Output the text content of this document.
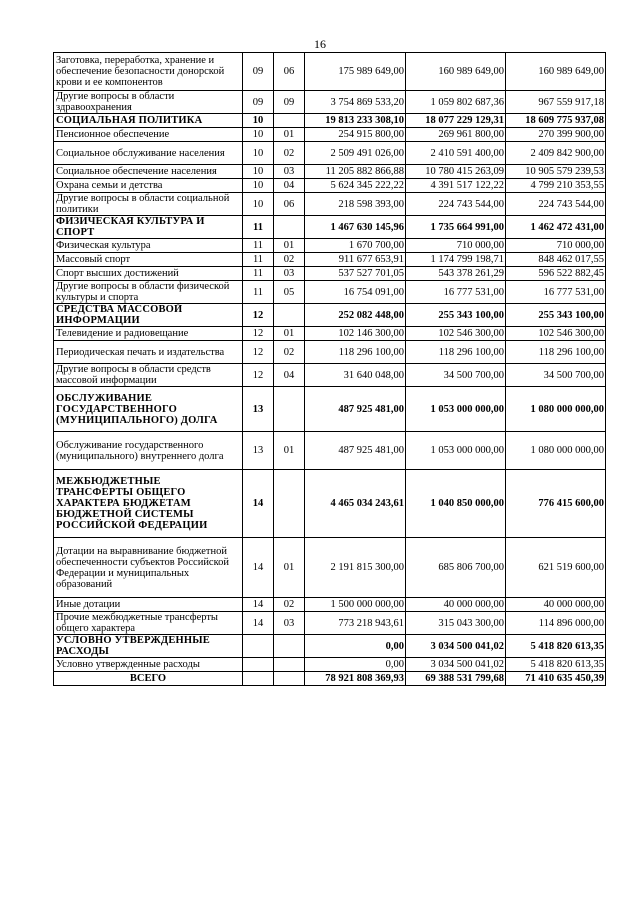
16
Заготовка, переработка, хранение и обеспечение безопасности донорской крови и ее компонентов	09	06	175 989 649,00	160 989 649,00	160 989 649,00
Другие вопросы в области здравоохранения	09	09	3 754 869 533,20	1 059 802 687,36	967 559 917,18
СОЦИАЛЬНАЯ ПОЛИТИКА	10		19 813 233 308,10	18 077 229 129,31	18 609 775 937,08
Пенсионное обеспечение	10	01	254 915 800,00	269 961 800,00	270 399 900,00
Социальное обслуживание населения	10	02	2 509 491 026,00	2 410 591 400,00	2 409 842 900,00
Социальное обеспечение населения	10	03	11 205 882 866,88	10 780 415 263,09	10 905 579 239,53
Охрана семьи и детства	10	04	5 624 345 222,22	4 391 517 122,22	4 799 210 353,55
Другие вопросы в области социальной политики	10	06	218 598 393,00	224 743 544,00	224 743 544,00
ФИЗИЧЕСКАЯ КУЛЬТУРА И СПОРТ	11		1 467 630 145,96	1 735 664 991,00	1 462 472 431,00
Физическая культура	11	01	1 670 700,00	710 000,00	710 000,00
Массовый спорт	11	02	911 677 653,91	1 174 799 198,71	848 462 017,55
Спорт высших достижений	11	03	537 527 701,05	543 378 261,29	596 522 882,45
Другие вопросы в области физической культуры и спорта	11	05	16 754 091,00	16 777 531,00	16 777 531,00
СРЕДСТВА МАССОВОЙ ИНФОРМАЦИИ	12		252 082 448,00	255 343 100,00	255 343 100,00
Телевидение и радиовещание	12	01	102 146 300,00	102 546 300,00	102 546 300,00
Периодическая печать и издательства	12	02	118 296 100,00	118 296 100,00	118 296 100,00
Другие вопросы в области средств массовой информации	12	04	31 640 048,00	34 500 700,00	34 500 700,00
ОБСЛУЖИВАНИЕ ГОСУДАРСТВЕННОГО (МУНИЦИПАЛЬНОГО) ДОЛГА	13		487 925 481,00	1 053 000 000,00	1 080 000 000,00
Обслуживание государственного (муниципального) внутреннего долга	13	01	487 925 481,00	1 053 000 000,00	1 080 000 000,00
МЕЖБЮДЖЕТНЫЕ ТРАНСФЕРТЫ ОБЩЕГО ХАРАКТЕРА БЮДЖЕТАМ БЮДЖЕТНОЙ СИСТЕМЫ РОССИЙСКОЙ ФЕДЕРАЦИИ	14		4 465 034 243,61	1 040 850 000,00	776 415 600,00
Дотации на выравнивание бюджетной обеспеченности субъектов Российской Федерации и муниципальных образований	14	01	2 191 815 300,00	685 806 700,00	621 519 600,00
Иные дотации	14	02	1 500 000 000,00	40 000 000,00	40 000 000,00
Прочие межбюджетные трансферты общего характера	14	03	773 218 943,61	315 043 300,00	114 896 000,00
УСЛОВНО УТВЕРЖДЕННЫЕ РАСХОДЫ			0,00	3 034 500 041,02	5 418 820 613,35
Условно утвержденные расходы			0,00	3 034 500 041,02	5 418 820 613,35
ВСЕГО			78 921 808 369,93	69 388 531 799,68	71 410 635 450,39
